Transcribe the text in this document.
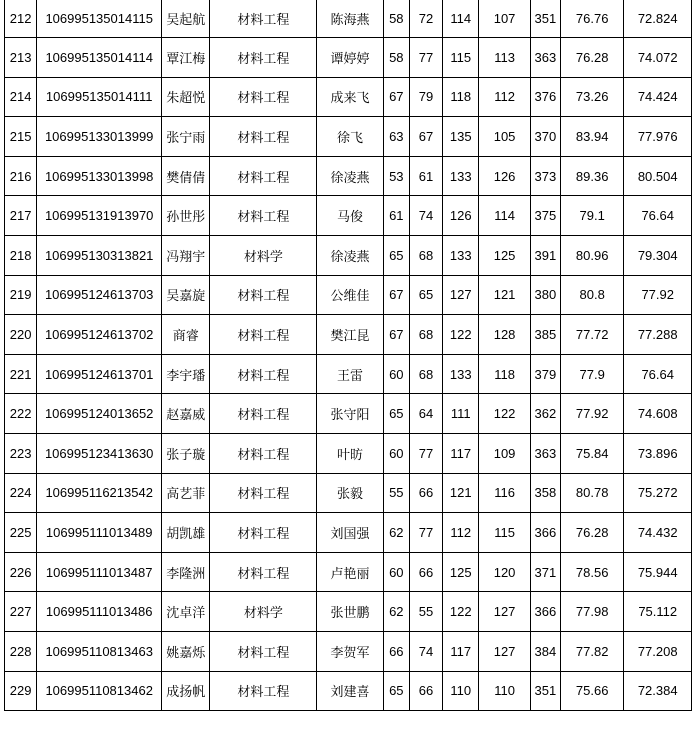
212	106995135014115	吴起航	材料工程	陈海燕	58	72	114	107	351	76.76	72.824
213	106995135014114	覃江梅	材料工程	谭婷婷	58	77	115	113	363	76.28	74.072
214	106995135014111	朱超悦	材料工程	成来飞	67	79	118	112	376	73.26	74.424
215	106995133013999	张宁雨	材料工程	徐飞	63	67	135	105	370	83.94	77.976
216	106995133013998	樊倩倩	材料工程	徐凌燕	53	61	133	126	373	89.36	80.504
217	106995131913970	孙世彤	材料工程	马俊	61	74	126	114	375	79.1	76.64
218	106995130313821	冯翔宇	材料学	徐凌燕	65	68	133	125	391	80.96	79.304
219	106995124613703	吴嘉旋	材料工程	公维佳	67	65	127	121	380	80.8	77.92
220	106995124613702	商睿	材料工程	樊江昆	67	68	122	128	385	77.72	77.288
221	106995124613701	李宇璠	材料工程	王雷	60	68	133	118	379	77.9	76.64
222	106995124013652	赵嘉威	材料工程	张守阳	65	64	111	122	362	77.92	74.608
223	106995123413630	张子璇	材料工程	叶昉	60	77	117	109	363	75.84	73.896
224	106995116213542	高艺菲	材料工程	张毅	55	66	121	116	358	80.78	75.272
225	106995111013489	胡凯雄	材料工程	刘国强	62	77	112	115	366	76.28	74.432
226	106995111013487	李隆洲	材料工程	卢艳丽	60	66	125	120	371	78.56	75.944
227	106995111013486	沈卓洋	材料学	张世鹏	62	55	122	127	366	77.98	75.112
228	106995110813463	姚嘉烁	材料工程	李贺军	66	74	117	127	384	77.82	77.208
229	106995110813462	成扬帆	材料工程	刘建喜	65	66	110	110	351	75.66	72.384
